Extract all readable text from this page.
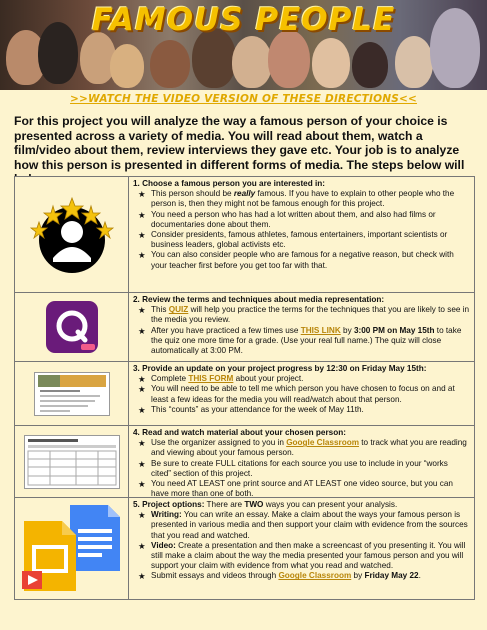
FAMOUS PEOPLE
>>WATCH THE VIDEO VERSION OF THESE DIRECTIONS<<

For this project you will analyze the way a famous person of your choice is presented across a variety of media. You will read about them, watch a film/video about them, review interviews they gave etc. Your job is to analyze how this person is presented in different forms of media. The steps below will

1. Choose a famous person you are interested in:
★ This person should be really famous. If you have to explain to other people who the person is, then they might not be famous enough for this project.
★ You need a person who has had a lot written about them, and also had films or documentaries done about them.
★ Consider presidents, famous athletes, famous entertainers, important scientists or business leaders, global activists etc.
★ You can also consider people who are famous for a negative reason, but check with your teacher first before you get too far with that.
2. Review the terms and techniques about media representation:
★ This QUIZ will help you practice the terms for the techniques that you are likely to see in the media you review.
★ After you have practiced a few times use THIS LINK by 3:00 PM on May 15th to take the quiz one more time for a grade. (Use your real full name.) The quiz will close automatically at 3:00 PM.
3. Provide an update on your project progress by 12:30 on Friday May 15th:
★ Complete THIS FORM about your project.
★ You will need to be able to tell me which person you have chosen to focus on and at least a few ideas for the media you will read/watch about that person.
★ This “counts” as your attendance for the week of May 11th.
4. Read and watch material about your chosen person:
★ Use the organizer assigned to you in Google Classroom to track what you are reading and viewing about your famous person.
★ Be sure to create FULL citations for each source you use to include in your “works cited” section of this project.
★ You need AT LEAST one print source and AT LEAST one video source, but you can have more than one of both.
5. Project options: There are TWO ways you can present your analysis.
★ Writing: You can write an essay. Make a claim about the ways your famous person is presented in various media and then support your claim with evidence from the sources that you read and watched.
★ Video: Create a presentation and then make a screencast of you presenting it. You will still make a claim about the way the media presented your famous person and you will support your claim with evidence from what you read and watched.
★ Submit essays and videos through Google Classroom by Friday May 22.
